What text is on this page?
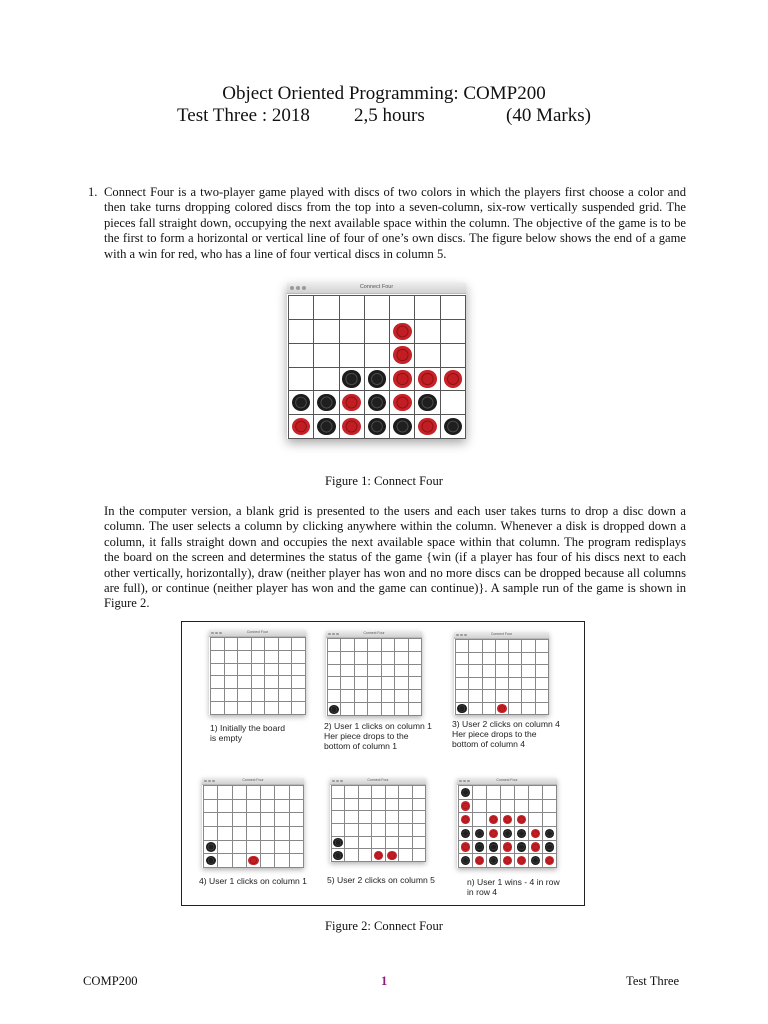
Object Oriented Programming: COMP200
Test Three : 2018 2,5 hours	(40 Marks)
1. Connect Four is a two-player game played with discs of two colors in which the players first choose a color and then take turns dropping colored discs from the top into a seven-column, six-row vertically suspended grid. The pieces fall straight down, occupying the next available space within the column. The objective of the game is to be the first to form a horizontal or vertical line of four of one’s own discs. The figure below shows the end of a game with a win for red, who has a line of four vertical discs in column 5.
Connect Four
Figure 1: Connect Four
In the computer version, a blank grid is presented to the users and each user takes turns to drop a disc down a column. The user selects a column by clicking anywhere within the column. Whenever a disk is dropped down a column, it falls straight down and occupies the next available space within that column. The program redisplays the board on the screen and determines the status of the game {win (if a player has four of his discs next to each other vertically, horizontally), draw (neither player has won and no more discs can be dropped because all columns are full), or continue (neither player has won and the game can continue)}. A sample run of the game is shown in Figure 2.
Connect Four
1) Initially the board
is empty
Connect Four
2) User 1 clicks on column 1
Her piece drops to the
bottom of column 1
Connect Four
3) User 2 clicks on column 4
Her piece drops to the
bottom of column 4
Connect Four
4) User 1 clicks on column 1
Connect Four
5) User 2 clicks on column 5
Connect Four
n) User 1 wins - 4 in row
in row 4
Figure 2: Connect Four
COMP200	1	Test Three
